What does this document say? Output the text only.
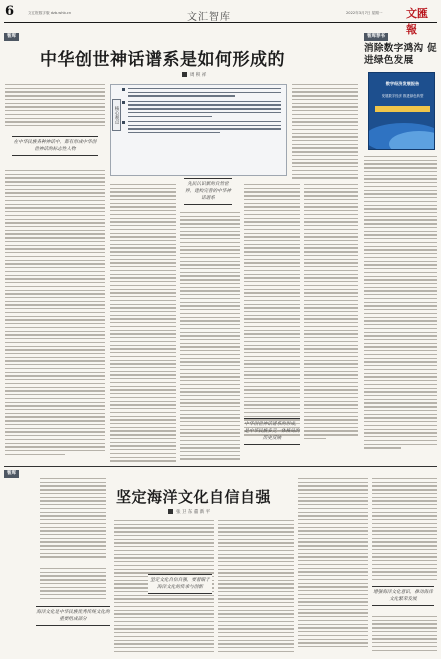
6	文汇报数字版 dzb.whb.cn	文汇智库	2022年3月7日 星期一 文匯報
智库
中华创世神话谱系是如何形成的
周 积 祥
核心观点
在中华民族各种神话中，都有形成中华创世神话的标志性人物
先民认识新的自然世界，建构完善的中华神话谱系
中华创世神话谱系的形成，是中华民族多元一体格局的历史反映
智库荐书
消除数字鸿沟 促进绿色发展
数字经济发展报告
发展数字经济 推进绿色转型
智库
坚定海洋文化自信自强
张 卫 东 董 新 平
海洋文化是中华民族优秀传统文化的重要组成部分
坚定文化自信自强，要着眼于海洋文化的传承与创新
增强海洋文化意识，推动海洋文化繁荣发展
